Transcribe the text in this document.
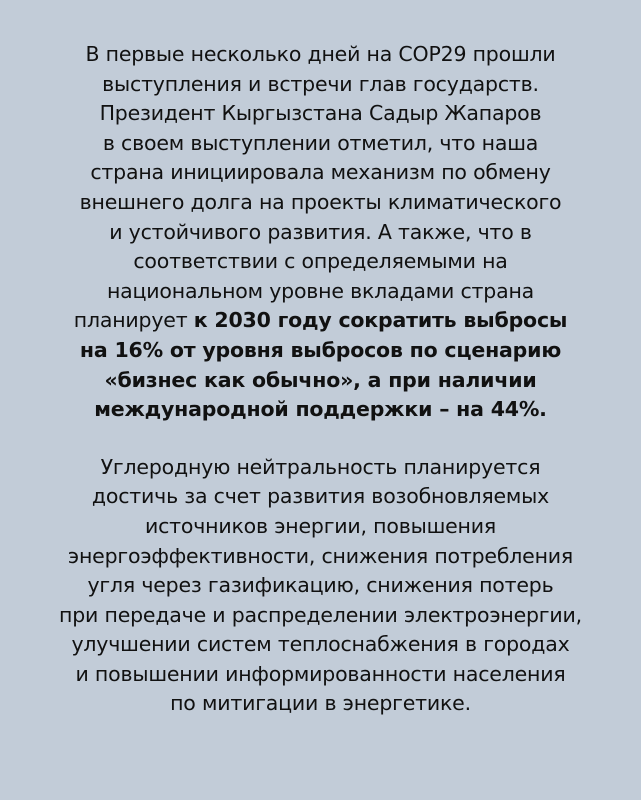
В первые несколько дней на COP29 прошли
выступления и встречи глав государств.
Президент Кыргызстана Садыр Жапаров
в своем выступлении отметил, что наша
страна инициировала механизм по обмену
внешнего долга на проекты климатического
и устойчивого развития. А также, что в
соответствии с определяемыми на
национальном уровне вкладами страна
планирует к 2030 году сократить выбросы
на 16% от уровня выбросов по сценарию
«бизнес как обычно», а при наличии
международной поддержки – на 44%.

Углеродную нейтральность планируется
достичь за счет развития возобновляемых
источников энергии, повышения
энергоэффективности, снижения потребления
угля через газификацию, снижения потерь
при передаче и распределении электроэнергии,
улучшении систем теплоснабжения в городах
и повышении информированности населения
по митигации в энергетике.
